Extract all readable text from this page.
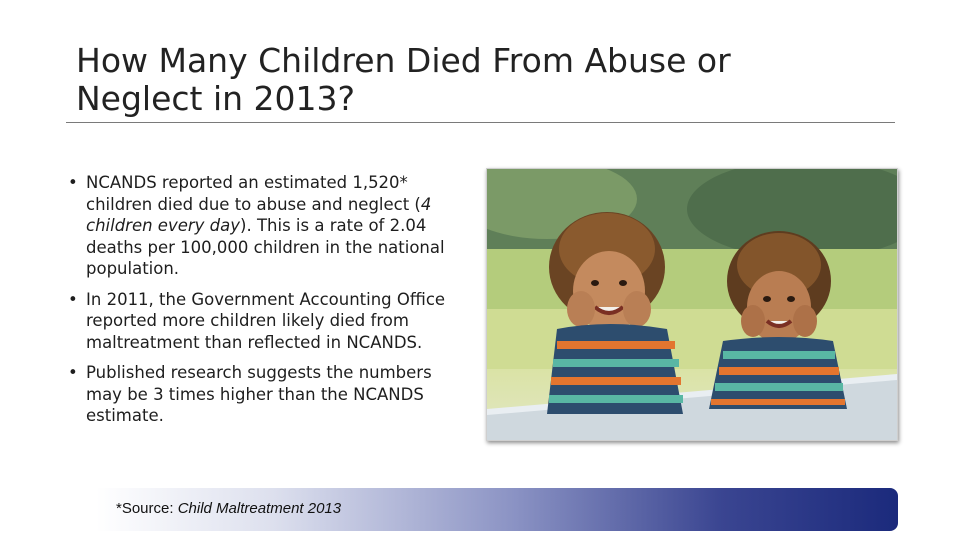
How Many Children Died From Abuse or Neglect in 2013?
• NCANDS reported an estimated 1,520* children died due to abuse and neglect (4 children every day). This is a rate of 2.04 deaths per 100,000 children in the national population.
• In 2011, the Government Accounting Office reported more children likely died from maltreatment than reflected in NCANDS.
• Published research suggests the numbers may be 3 times higher than the NCANDS estimate.
*Source: Child Maltreatment 2013
